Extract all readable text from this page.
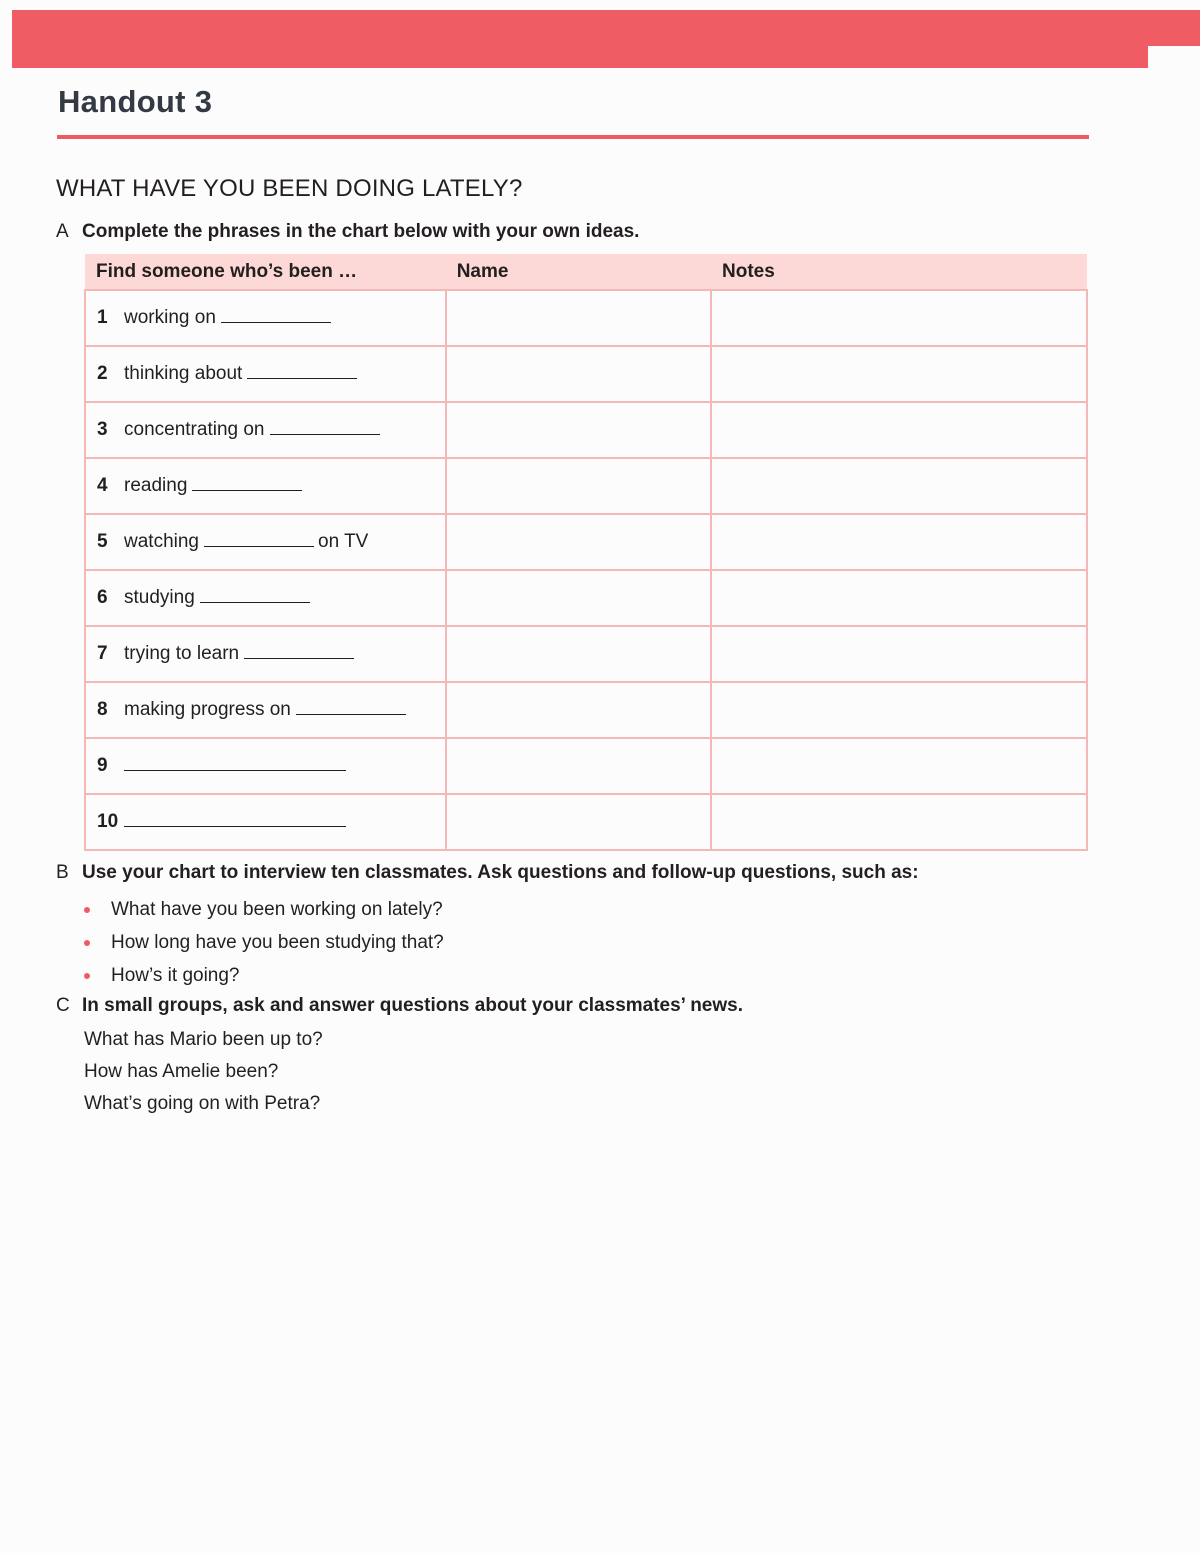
Handout 3
WHAT HAVE YOU BEEN DOING LATELY?
A Complete the phrases in the chart below with your own ideas.
Find someone who’s been …	Name	Notes

1 working on		

2 thinking about		

3 concentrating on		

4 reading		

5 watching on TV		

6 studying		

7 trying to learn		

8 making progress on		

9		

10		

B Use your chart to interview ten classmates. Ask questions and follow-up questions, such as:
What have you been working on lately?
How long have you been studying that?
How’s it going?
C In small groups, ask and answer questions about your classmates’ news.
What has Mario been up to?
How has Amelie been?
What’s going on with Petra?
